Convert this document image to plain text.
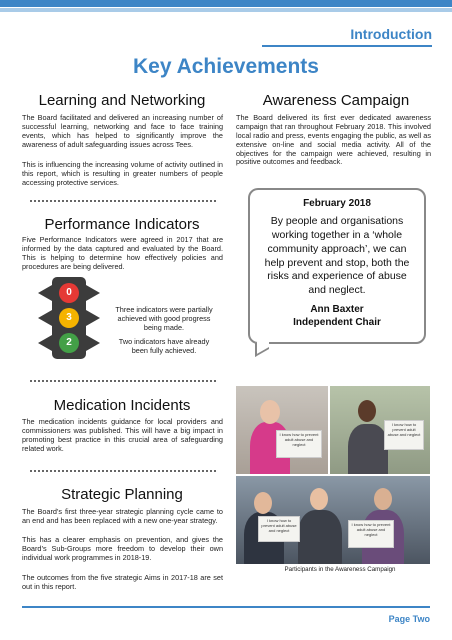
Introduction
Key Achievements
Learning and Networking
The Board facilitated and delivered an increasing number of successful learning, networking and face to face training events, which has helped to significantly improve the awareness of adult safeguarding issues across Tees.
This is influencing the increasing volume of activity outlined in this report, which is resulting in greater numbers of people accessing protective services.
Awareness Campaign
The Board delivered its first ever dedicated awareness campaign that ran throughout February 2018. This involved local radio and press, events engaging the public, as well as extensive on-line and social media activity. All of the objectives for the campaign were achieved, resulting in positive outcomes and feedback.
February 2018
By people and organisations working together in a ‘whole community approach’, we can help prevent and stop, both the risks and experience of abuse and neglect.
Ann Baxter
Independent Chair
Performance Indicators
Five Performance Indicators were agreed in 2017 that are informed by the data captured and evaluated by the Board. This is helping to determine how effectively policies and procedures are being delivered.
0
3
2
Three indicators were partially achieved with good progress being made.
Two indicators have already been fully achieved.
Medication Incidents
The medication incidents guidance for local providers and commissioners was published. This will have a big impact in promoting best practice in this crucial area of safeguarding related work.
Strategic Planning
The Board’s first three-year strategic planning cycle came to an end and has been replaced with a new one-year strategy.
This has a clearer emphasis on prevention, and gives the Board’s Sub-Groups more freedom to develop their own individual work programmes in 2018-19.
The outcomes from the five strategic Aims in 2017-18 are set out in this report.
I know how to prevent adult abuse and neglect
I know how to prevent adult abuse and neglect
I know how to prevent adult abuse and neglect
I know how to prevent adult abuse and neglect
Participants in the Awareness Campaign
Page Two
